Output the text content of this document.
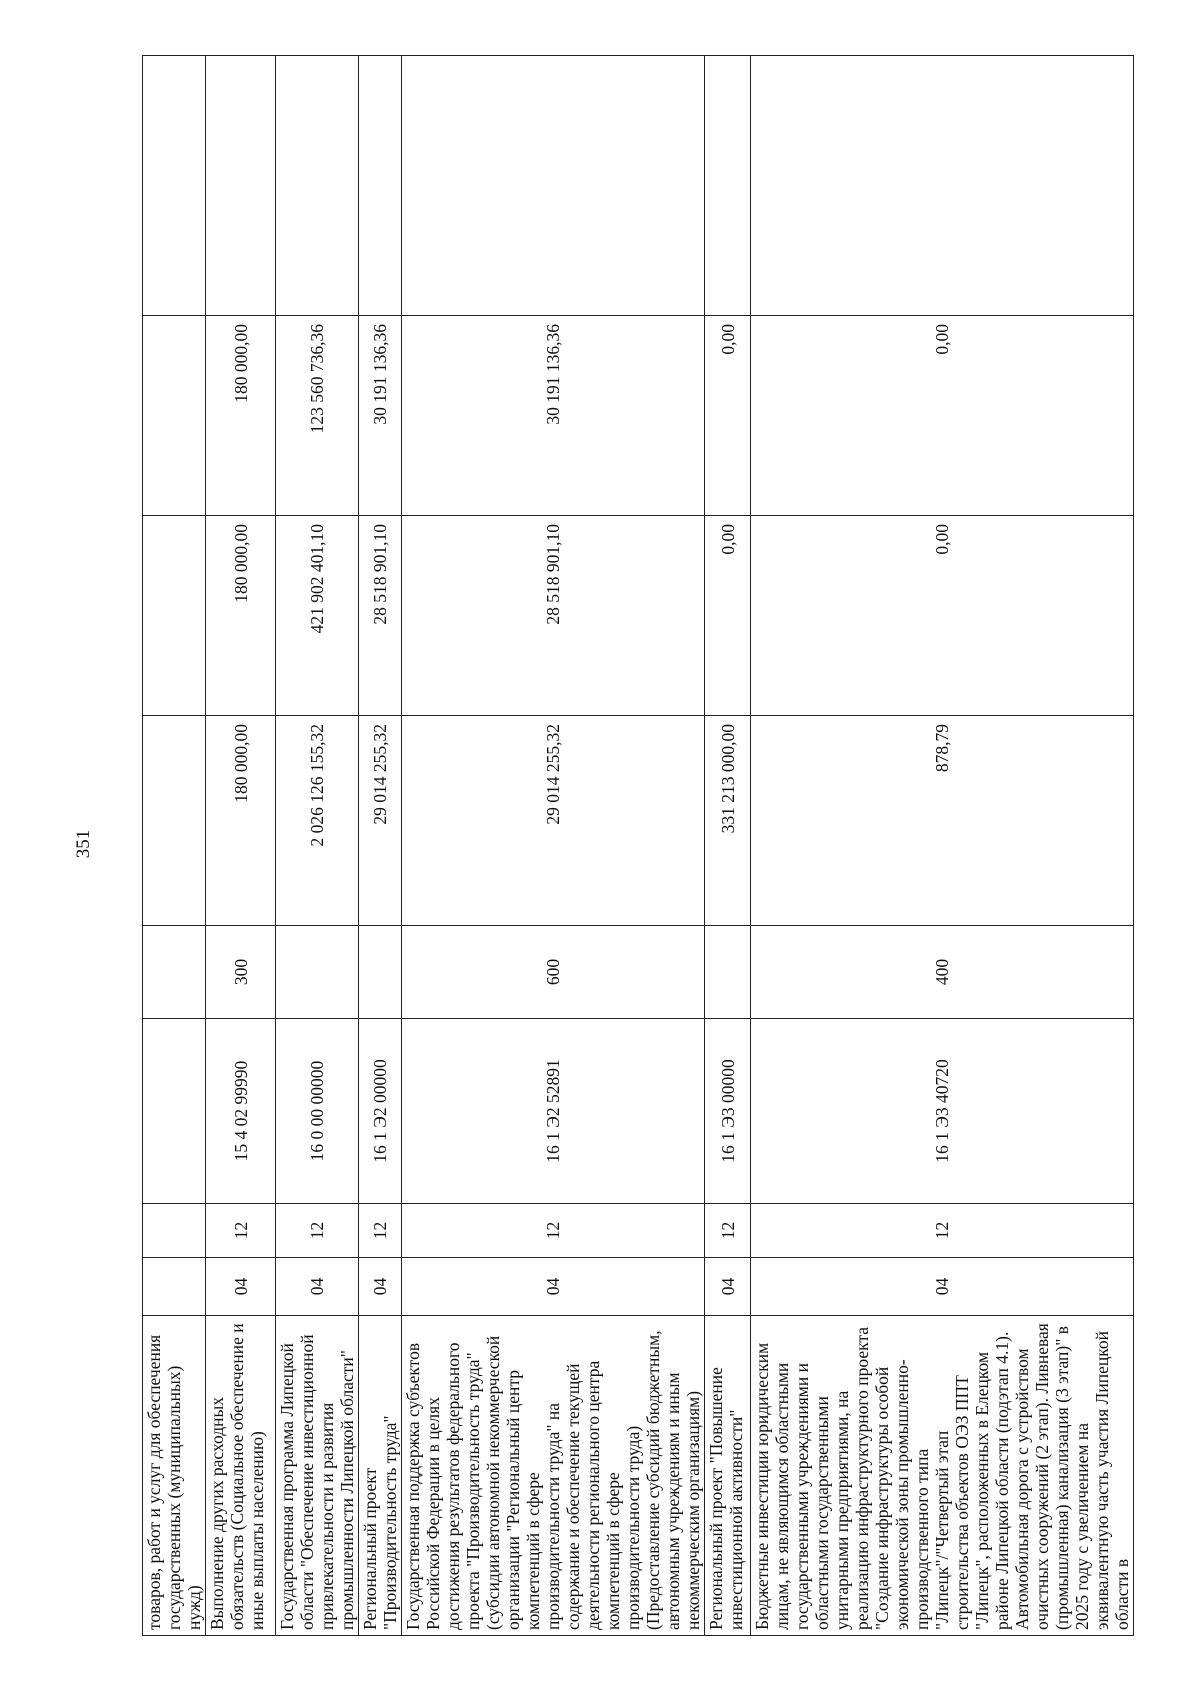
351
товаров, работ и услуг для обеспечения государственных (муниципальных) нужд)								
Выполнение других расходных обязательств (Социальное обеспечение и иные выплаты населению)	04	12	15 4 02 99990	300	180 000,00	180 000,00	180 000,00	
Государственная программа Липецкой области "Обеспечение инвестиционной привлекательности и развития промышленности Липецкой области"	04	12	16 0 00 00000		2 026 126 155,32	421 902 401,10	123 560 736,36	
Региональный проект "Производительность труда"	04	12	16 1 Э2 00000		29 014 255,32	28 518 901,10	30 191 136,36	
Государственная поддержка субъектов Российской Федерации в целях достижения результатов федерального проекта "Производительность труда" (субсидии автономной некоммерческой организации "Региональный центр компетенций в сфере производительности труда" на содержание и обеспечение текущей деятельности регионального центра компетенций в сфере производительности труда) (Предоставление субсидий бюджетным, автономным учреждениям и иным некоммерческим организациям)	04	12	16 1 Э2 52891	600	29 014 255,32	28 518 901,10	30 191 136,36	
Региональный проект "Повышение инвестиционной активности"	04	12	16 1 Э3 00000		331 213 000,00	0,00	0,00	
Бюджетные инвестиции юридическим лицам, не являющимся областными государственными учреждениями и областными государственными унитарными предприятиями, на реализацию инфраструктурного проекта "Создание инфраструктуры особой экономической зоны промышленно-производственного типа "Липецк"/"Четвертый этап строительства объектов ОЭЗ ППТ "Липецк", расположенных в Елецком районе Липецкой области (подэтап 4.1). Автомобильная дорога с устройством очистных сооружений (2 этап). Ливневая (промышленная) канализация (3 этап)" в 2025 году с увеличением на эквивалентную часть участия Липецкой области в	04	12	16 1 Э3 40720	400	878,79	0,00	0,00	
